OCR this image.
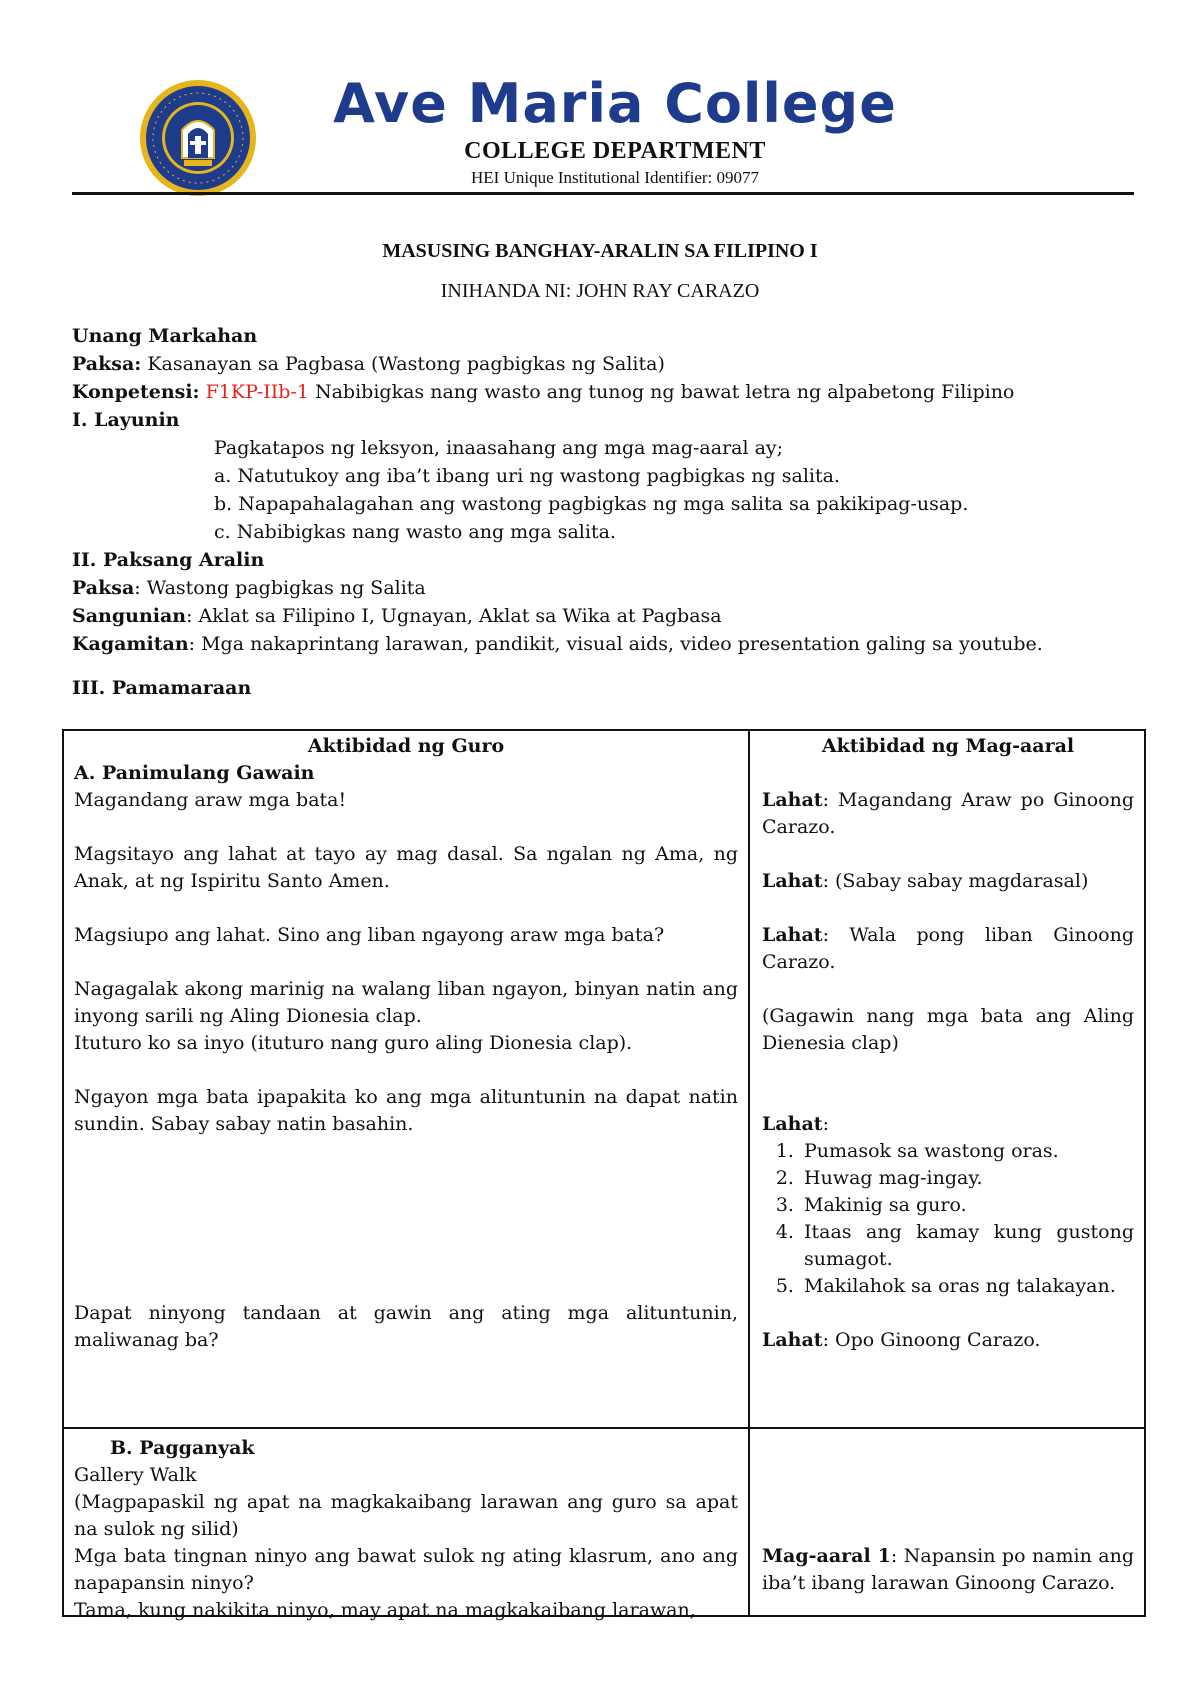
Ave Maria College
COLLEGE DEPARTMENT
HEI Unique Institutional Identifier: 09077
MASUSING BANGHAY-ARALIN SA FILIPINO I
INIHANDA NI: JOHN RAY CARAZO
Unang Markahan
Paksa: Kasanayan sa Pagbasa (Wastong pagbigkas ng Salita)
Konpetensi: F1KP-IIb-1 Nabibigkas nang wasto ang tunog ng bawat letra ng alpabetong Filipino
I. Layunin
Pagkatapos ng leksyon, inaasahang ang mga mag-aaral ay;
a. Natutukoy ang iba’t ibang uri ng wastong pagbigkas ng salita.
b. Napapahalagahan ang wastong pagbigkas ng mga salita sa pakikipag-usap.
c. Nabibigkas nang wasto ang mga salita.
II. Paksang Aralin
Paksa: Wastong pagbigkas ng Salita
Sangunian: Aklat sa Filipino I, Ugnayan, Aklat sa Wika at Pagbasa
Kagamitan: Mga nakaprintang larawan, pandikit, visual aids, video presentation galing sa youtube.
III. Pamamaraan
Aktibidad ng Guro
A. Panimulang Gawain
Magandang araw mga bata!
Magsitayo ang lahat at tayo ay mag dasal. Sa ngalan ng Ama, ng Anak, at ng Ispiritu Santo Amen.
Magsiupo ang lahat. Sino ang liban ngayong araw mga bata?
Nagagalak akong marinig na walang liban ngayon, binyan natin ang inyong sarili ng Aling Dionesia clap.
Ituturo ko sa inyo (ituturo nang guro aling Dionesia clap).
Ngayon mga bata ipapakita ko ang mga alituntunin na dapat natin sundin. Sabay sabay natin basahin.
Dapat ninyong tandaan at gawin ang ating mga alituntunin, maliwanag ba?
Aktibidad ng Mag-aaral
Lahat: Magandang Araw po Ginoong Carazo.
Lahat: (Sabay sabay magdarasal)
Lahat: Wala pong liban Ginoong Carazo.
(Gagawin nang mga bata ang Aling Dienesia clap)
Lahat:
1. Pumasok sa wastong oras.
2. Huwag mag-ingay.
3. Makinig sa guro.
4. Itaas ang kamay kung gustong sumagot.
5. Makilahok sa oras ng talakayan.
Lahat: Opo Ginoong Carazo.
B. Pagganyak
Gallery Walk
(Magpapaskil ng apat na magkakaibang larawan ang guro sa apat na sulok ng silid)
Mga bata tingnan ninyo ang bawat sulok ng ating klasrum, ano ang napapansin ninyo?
Tama, kung nakikita ninyo, may apat na magkakaibang larawan,
Mag-aaral 1: Napansin po namin ang iba’t ibang larawan Ginoong Carazo.
